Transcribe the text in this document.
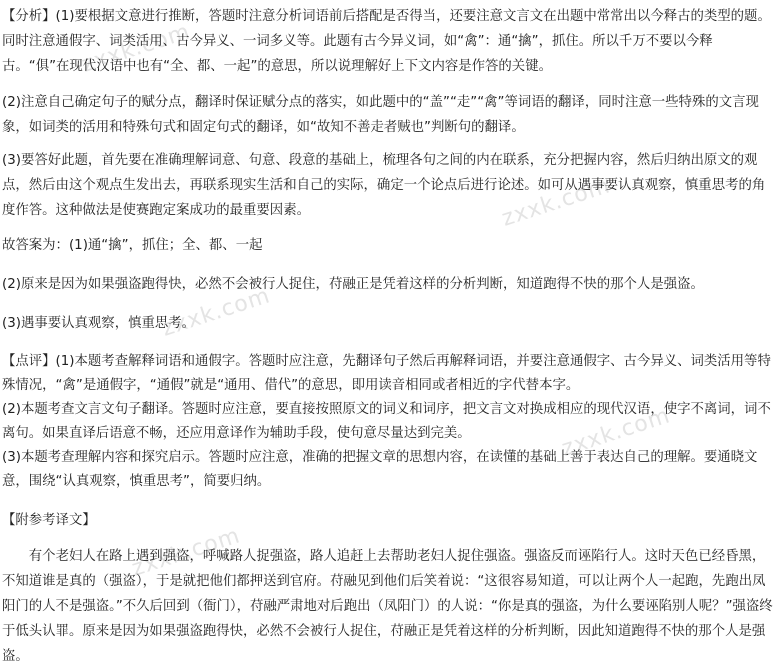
zxxk.com
zxxk.com
zxxk.com
zxxk.com
zxxk.com
【分析】(1)要根据文意进行推断，答题时注意分析词语前后搭配是否得当，还要注意文言文在出题中常常出以今释古的类型的题。同时注意通假字、词类活用、古今异义、一词多义等。此题有古今异义词，如“禽”：通“擒”，抓住。所以千万不要以今释古。“俱”在现代汉语中也有“全、都、一起”的意思，所以说理解好上下文内容是作答的关键。
(2)注意自己确定句子的赋分点，翻译时保证赋分点的落实，如此题中的“盖”“走”“禽”等词语的翻译，同时注意一些特殊的文言现象，如词类的活用和特殊句式和固定句式的翻译，如“故知不善走者贼也”判断句的翻译。
(3)要答好此题，首先要在准确理解词意、句意、段意的基础上，梳理各句之间的内在联系，充分把握内容，然后归纳出原文的观点，然后由这个观点生发出去，再联系现实生活和自己的实际，确定一个论点后进行论述。如可从遇事要认真观察，慎重思考的角度作答。这种做法是使赛跑定案成功的最重要因素。
故答案为：(1)通“擒”，抓住；全、都、一起
(2)原来是因为如果强盗跑得快，必然不会被行人捉住，苻融正是凭着这样的分析判断，知道跑得不快的那个人是强盗。
(3)遇事要认真观察，慎重思考。
【点评】(1)本题考查解释词语和通假字。答题时应注意，先翻译句子然后再解释词语，并要注意通假字、古今异义、词类活用等特殊情况，“禽”是通假字，“通假”就是“通用、借代”的意思，即用读音相同或者相近的字代替本字。
(2)本题考查文言文句子翻译。答题时应注意，要直接按照原文的词义和词序，把文言文对换成相应的现代汉语，使字不离词，词不离句。如果直译后语意不畅，还应用意译作为辅助手段，使句意尽量达到完美。
(3)本题考查理解内容和探究启示。答题时应注意，准确的把握文章的思想内容，在读懂的基础上善于表达自己的理解。要通晓文意，围绕“认真观察，慎重思考”，简要归纳。
【附参考译文】
有个老妇人在路上遇到强盗，呼喊路人捉强盗，路人追赶上去帮助老妇人捉住强盗。强盗反而诬陷行人。这时天色已经昏黑，不知道谁是真的（强盗），于是就把他们都押送到官府。苻融见到他们后笑着说：“这很容易知道，可以让两个人一起跑，先跑出凤阳门的人不是强盗。”不久后回到（衙门），苻融严肃地对后跑出（凤阳门）的人说：“你是真的强盗，为什么要诬陷别人呢？”强盗终于低头认罪。原来是因为如果强盗跑得快，必然不会被行人捉住，苻融正是凭着这样的分析判断，因此知道跑得不快的那个人是强盗。
